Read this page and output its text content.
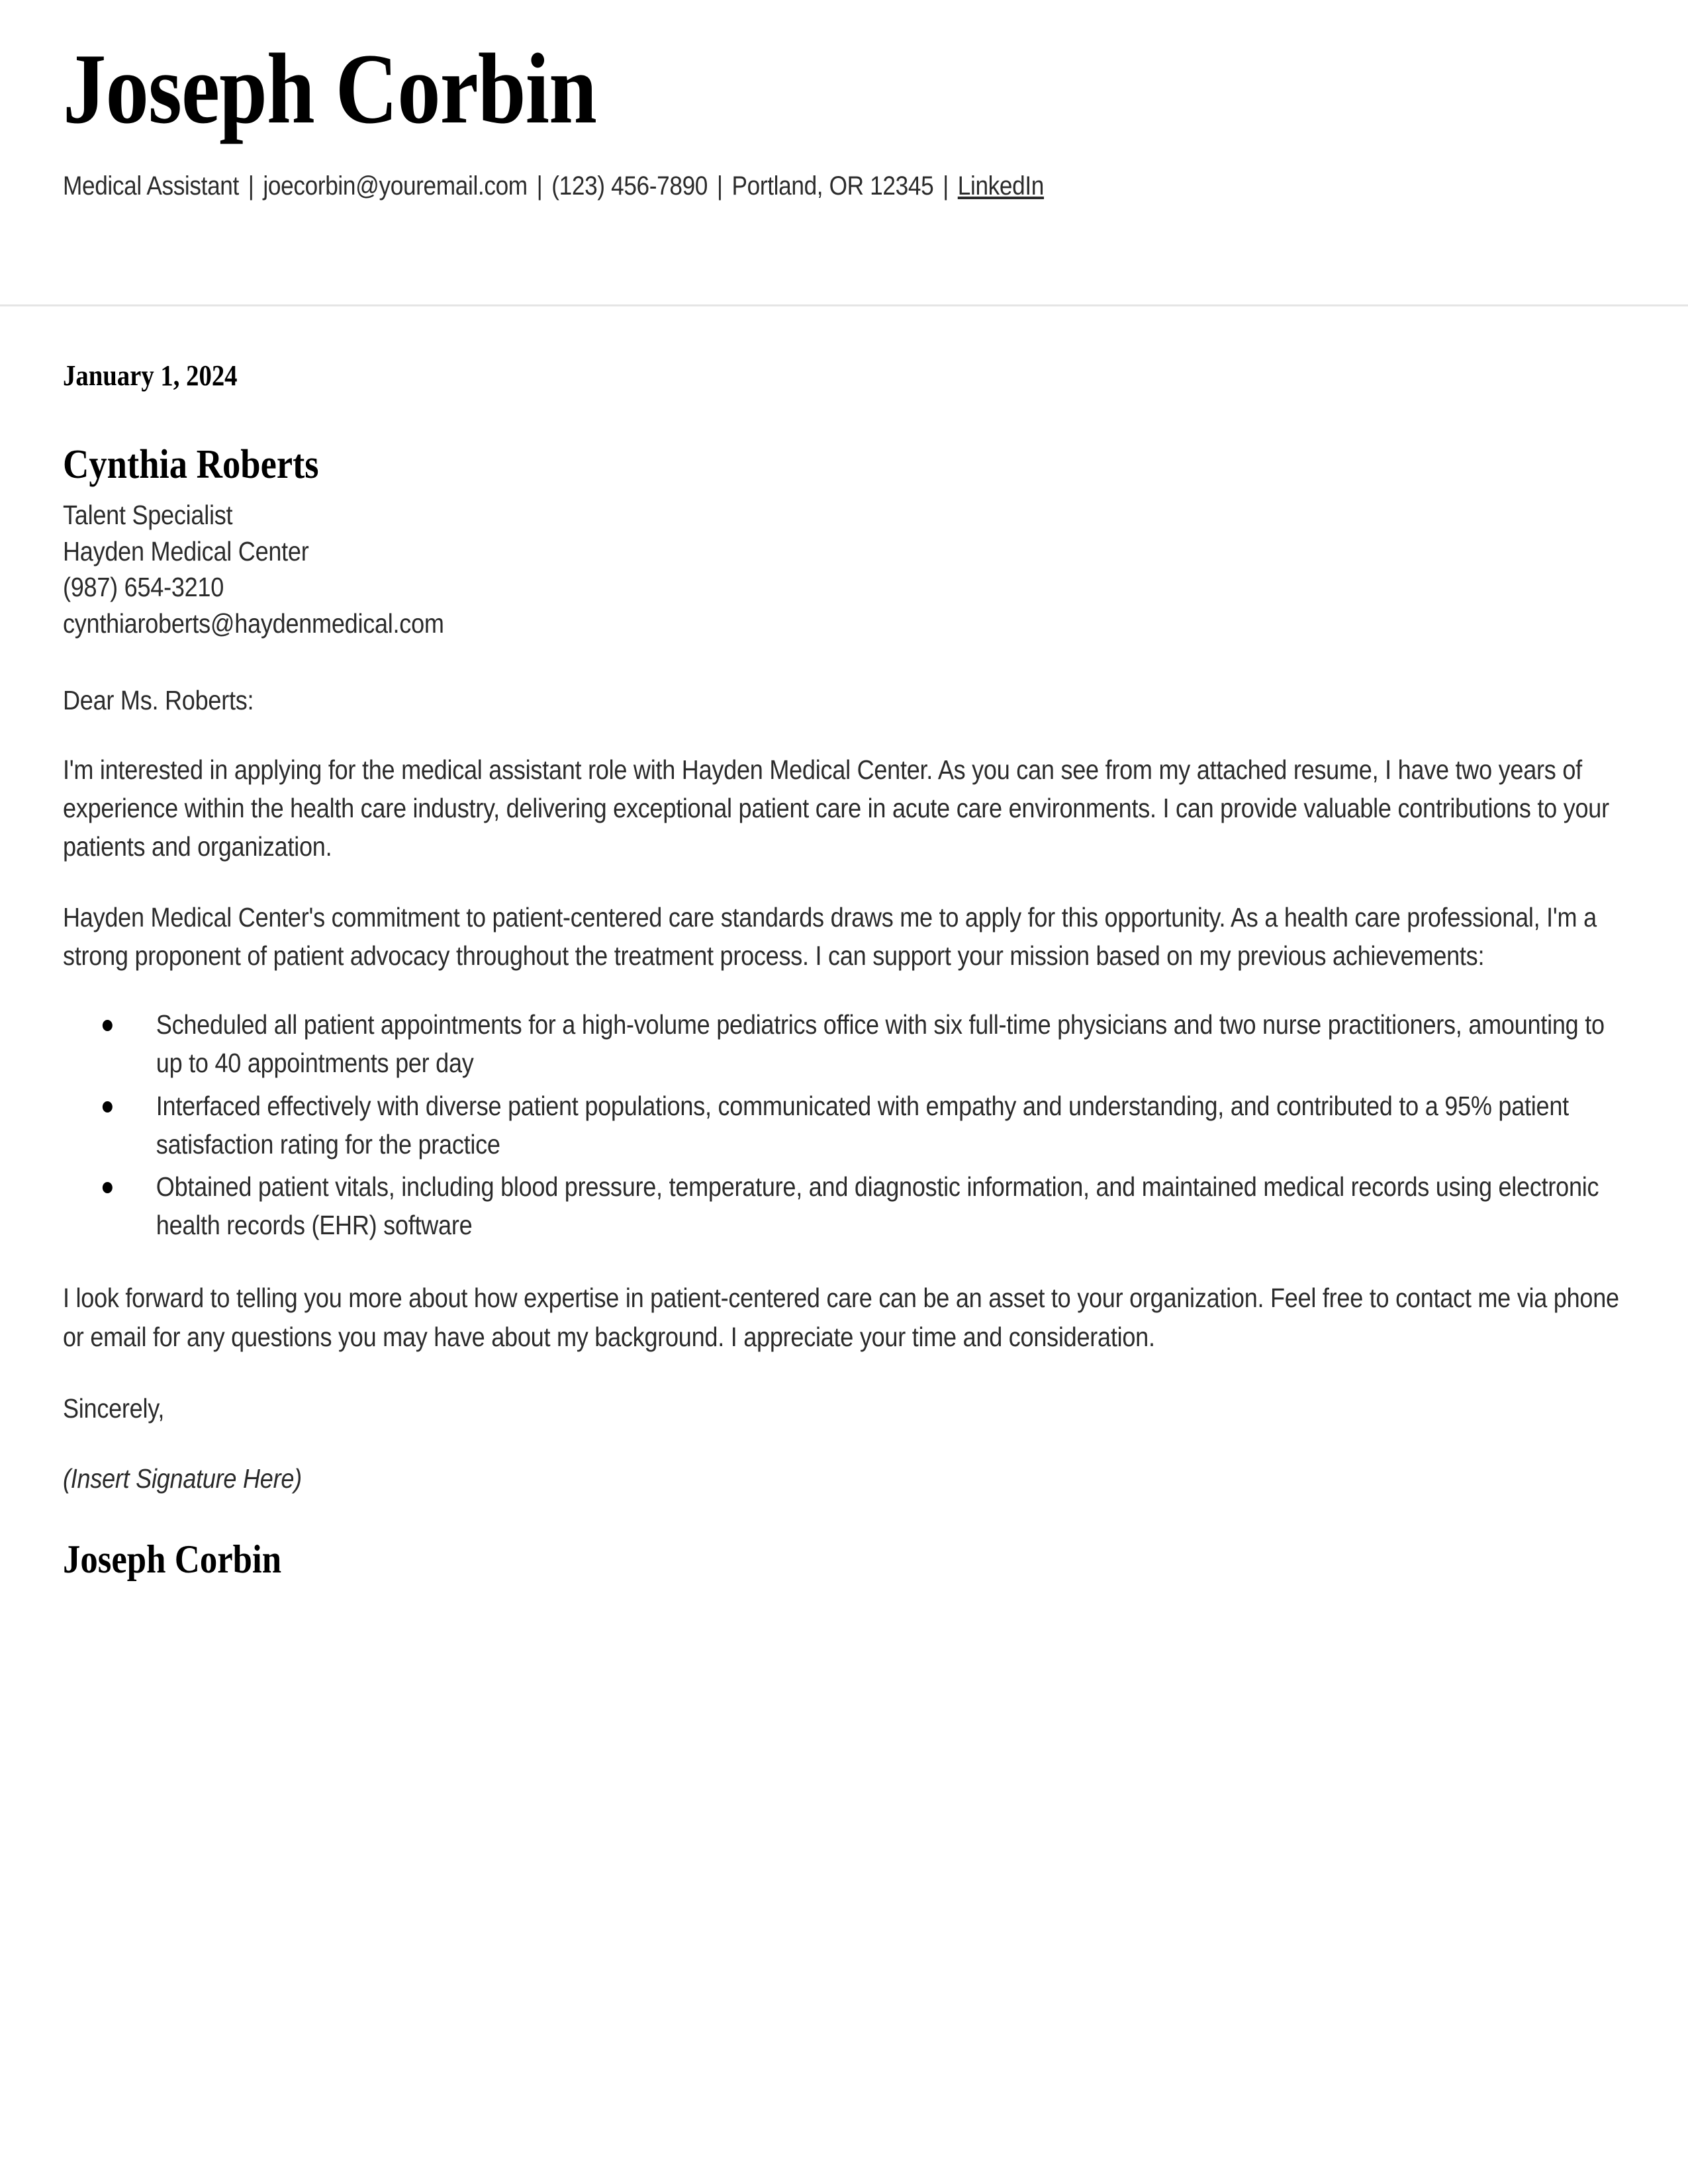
Joseph Corbin
Medical Assistant | joecorbin@youremail.com | (123) 456-7890 | Portland, OR 12345 | LinkedIn
January 1, 2024
Cynthia Roberts
Talent Specialist
Hayden Medical Center
(987) 654-3210
cynthiaroberts@haydenmedical.com
Dear Ms. Roberts:

I'm interested in applying for the medical assistant role with Hayden Medical Center. As you can see from my attached resume, I have two years of experience within the health care industry, delivering exceptional patient care in acute care environments. I can provide valuable contributions to your patients and organization.

Hayden Medical Center's commitment to patient-centered care standards draws me to apply for this opportunity. As a health care professional, I'm a strong proponent of patient advocacy throughout the treatment process. I can support your mission based on my previous achievements:

Scheduled all patient appointments for a high-volume pediatrics office with six full-time physicians and two nurse practitioners, amounting to up to 40 appointments per day
Interfaced effectively with diverse patient populations, communicated with empathy and understanding, and contributed to a 95% patient satisfaction rating for the practice
Obtained patient vitals, including blood pressure, temperature, and diagnostic information, and maintained medical records using electronic health records (EHR) software

I look forward to telling you more about how expertise in patient-centered care can be an asset to your organization. Feel free to contact me via phone or email for any questions you may have about my background. I appreciate your time and consideration.

Sincerely,
(Insert Signature Here)
Joseph Corbin
